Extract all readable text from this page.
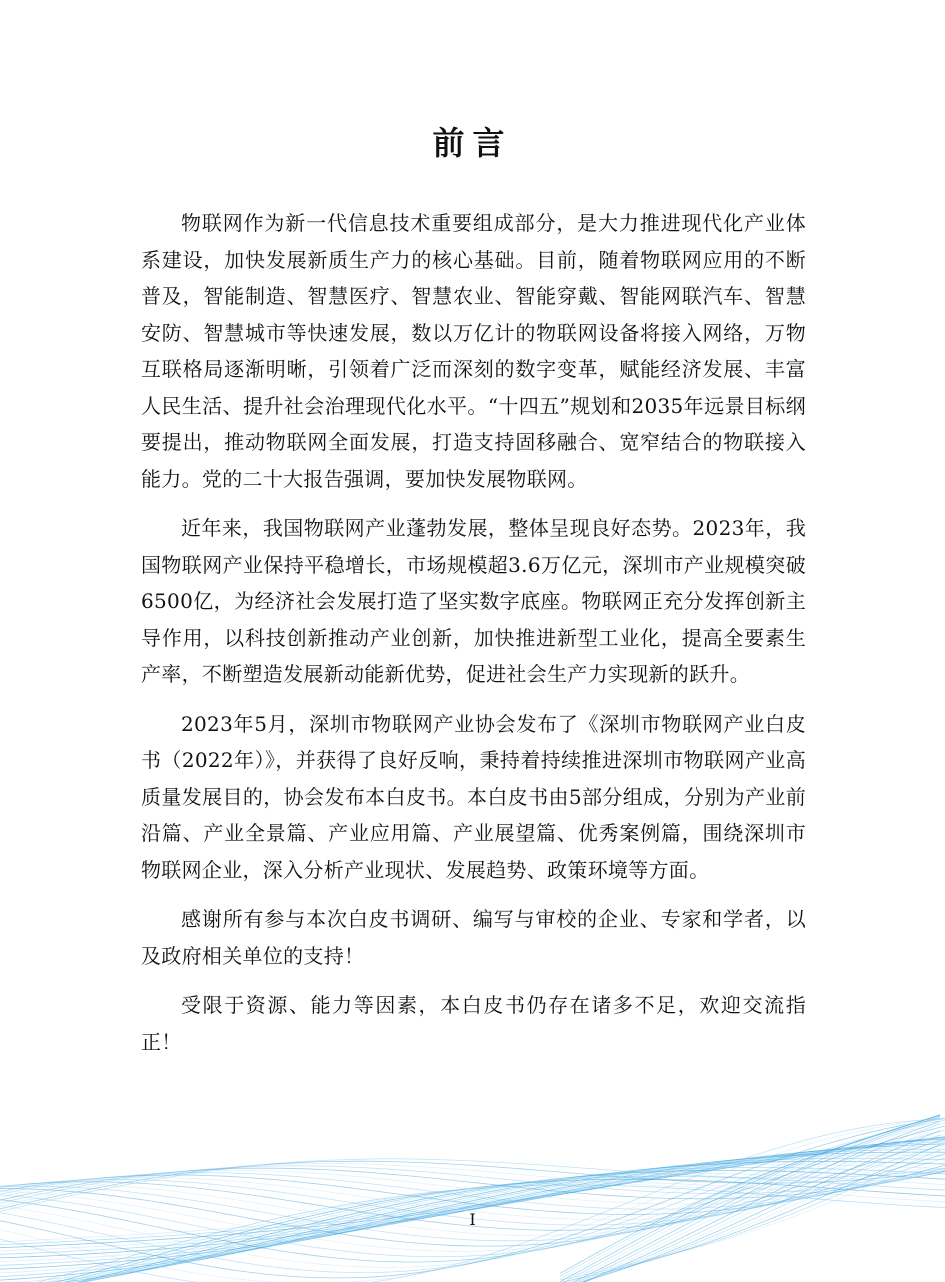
前言

物联网作为新一代信息技术重要组成部分，是大力推进现代化产业体系建设，加快发展新质生产力的核心基础。目前，随着物联网应用的不断普及，智能制造、智慧医疗、智慧农业、智能穿戴、智能网联汽车、智慧安防、智慧城市等快速发展，数以万亿计的物联网设备将接入网络，万物互联格局逐渐明晰，引领着广泛而深刻的数字变革，赋能经济发展、丰富人民生活、提升社会治理现代化水平。“十四五”规划和2035年远景目标纲要提出，推动物联网全面发展，打造支持固移融合、宽窄结合的物联接入能力。党的二十大报告强调，要加快发展物联网。

近年来，我国物联网产业蓬勃发展，整体呈现良好态势。2023年，我国物联网产业保持平稳增长，市场规模超3.6万亿元，深圳市产业规模突破6500亿，为经济社会发展打造了坚实数字底座。物联网正充分发挥创新主导作用，以科技创新推动产业创新，加快推进新型工业化，提高全要素生产率，不断塑造发展新动能新优势，促进社会生产力实现新的跃升。

2023年5月，深圳市物联网产业协会发布了《深圳市物联网产业白皮书（2022年）》，并获得了良好反响，秉持着持续推进深圳市物联网产业高质量发展目的，协会发布本白皮书。本白皮书由5部分组成，分别为产业前沿篇、产业全景篇、产业应用篇、产业展望篇、优秀案例篇，围绕深圳市物联网企业，深入分析产业现状、发展趋势、政策环境等方面。

感谢所有参与本次白皮书调研、编写与审校的企业、专家和学者，以及政府相关单位的支持！

受限于资源、能力等因素，本白皮书仍存在诸多不足，欢迎交流指正！

I
